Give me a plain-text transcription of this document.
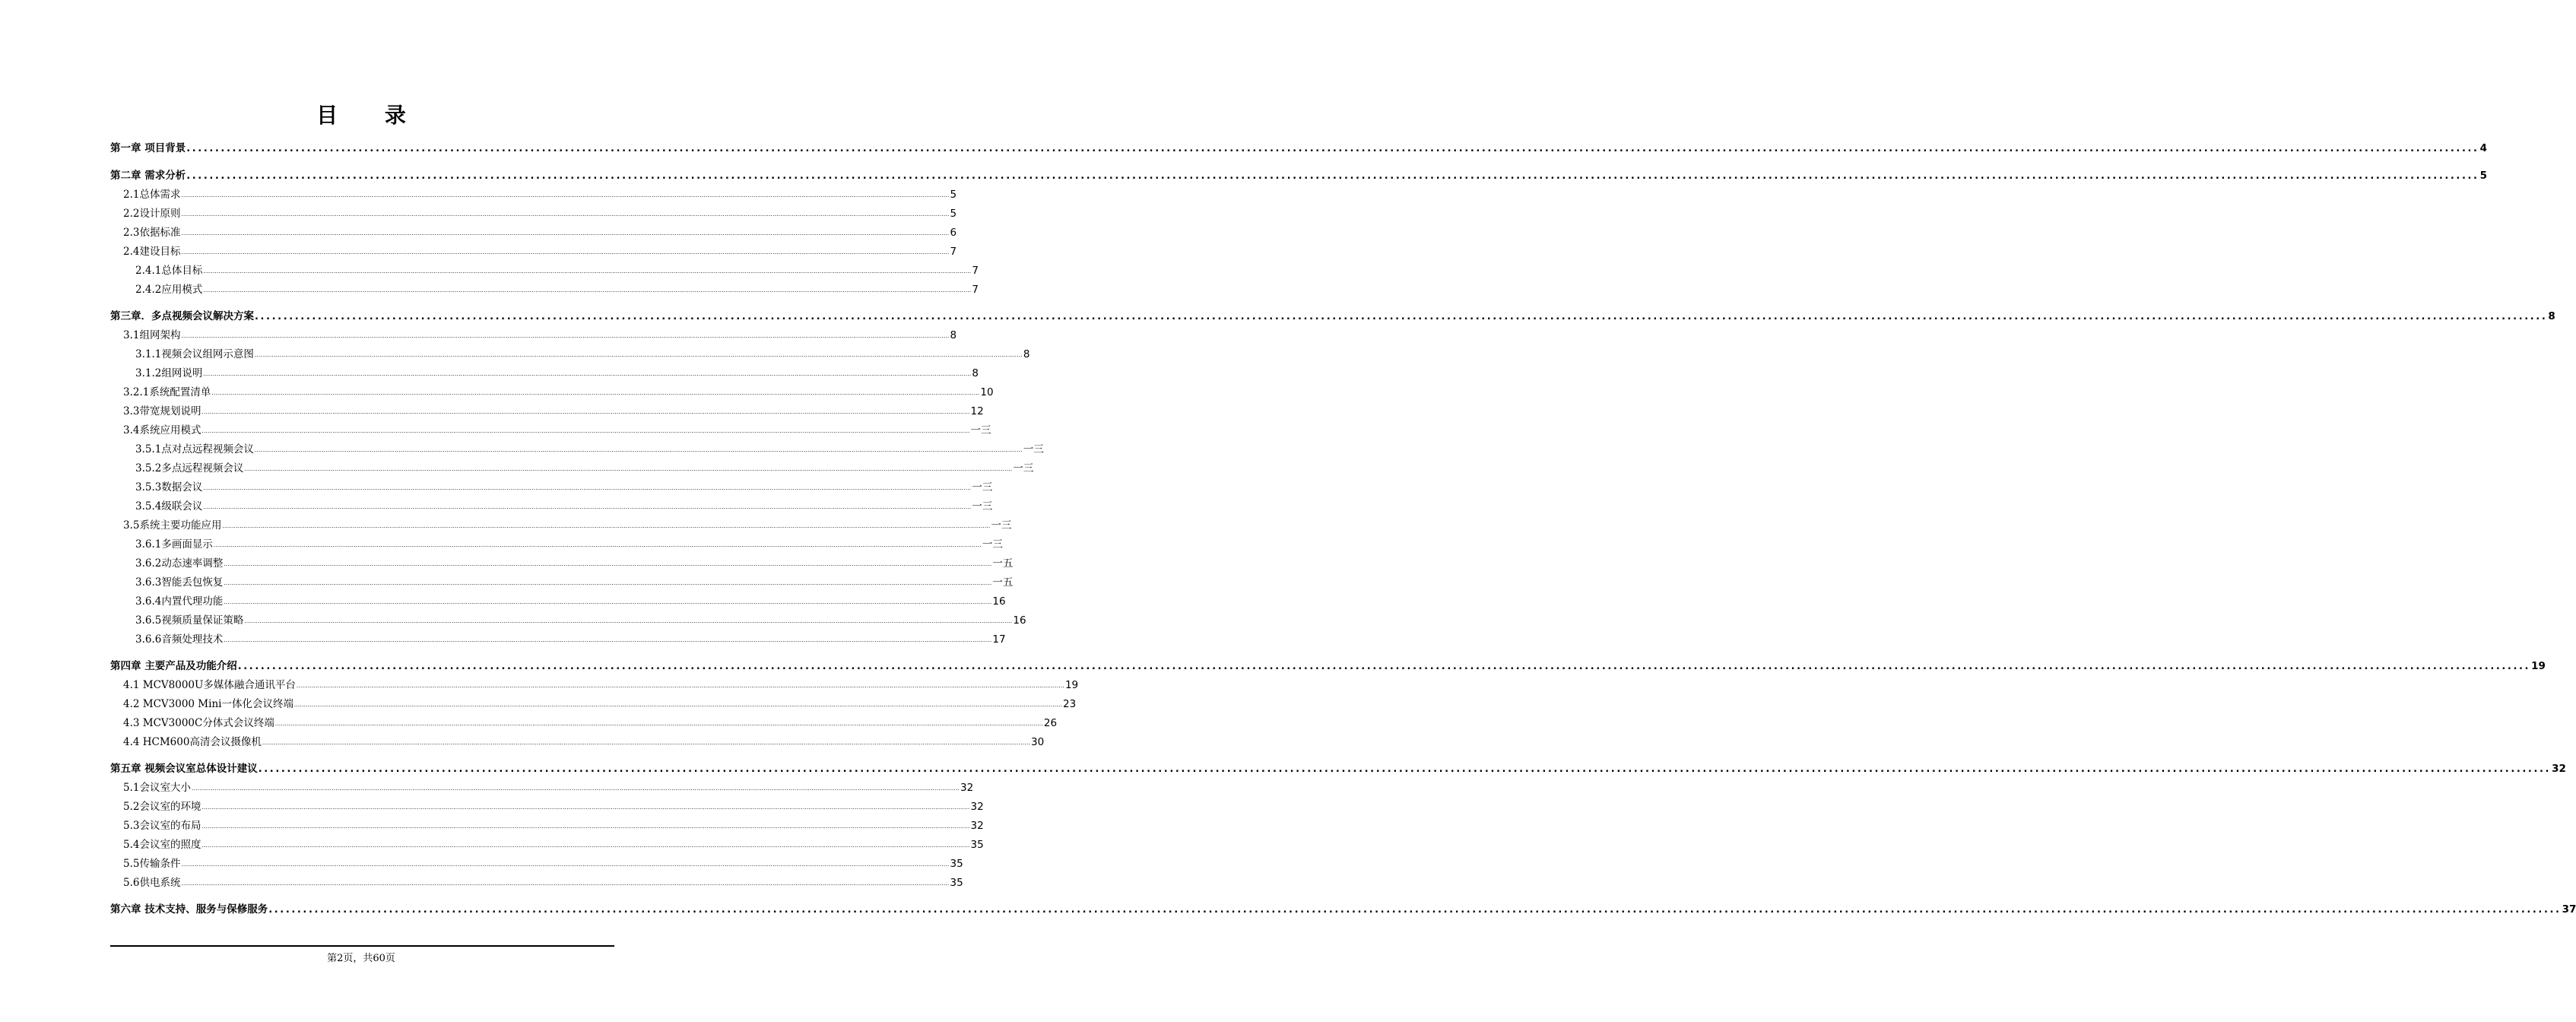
目 录
第一章 项目背景 ................................................................................................................................................................................................................................................................................................................................................................................................................ 4
第二章 需求分析 ................................................................................................................................................................................................................................................................................................................................................................................................................ 5
2.1总体需求 ................................................................................................................................................................................................................................................................................................................................................................................................................ 5
2.2设计原则 ................................................................................................................................................................................................................................................................................................................................................................................................................ 5
2.3依据标准 ................................................................................................................................................................................................................................................................................................................................................................................................................ 6
2.4建设目标 ................................................................................................................................................................................................................................................................................................................................................................................................................ 7
2.4.1总体目标 ................................................................................................................................................................................................................................................................................................................................................................................................................ 7
2.4.2应用模式 ................................................................................................................................................................................................................................................................................................................................................................................................................ 7
第三章．多点视频会议解决方案 ................................................................................................................................................................................................................................................................................................................................................................................................................ 8
3.1组网架构 ................................................................................................................................................................................................................................................................................................................................................................................................................ 8
3.1.1视频会议组网示意图 ................................................................................................................................................................................................................................................................................................................................................................................................................ 8
3.1.2组网说明 ................................................................................................................................................................................................................................................................................................................................................................................................................ 8
3.2.1系统配置清单 ................................................................................................................................................................................................................................................................................................................................................................................................................ 10
3.3带宽规划说明 ................................................................................................................................................................................................................................................................................................................................................................................................................ 12
3.4系统应用模式 ................................................................................................................................................................................................................................................................................................................................................................................................................ 一三
3.5.1点对点远程视频会议 ................................................................................................................................................................................................................................................................................................................................................................................................................ 一三
3.5.2多点远程视频会议 ................................................................................................................................................................................................................................................................................................................................................................................................................ 一三
3.5.3数据会议 ................................................................................................................................................................................................................................................................................................................................................................................................................ 一三
3.5.4级联会议 ................................................................................................................................................................................................................................................................................................................................................................................................................ 一三
3.5系统主要功能应用 ................................................................................................................................................................................................................................................................................................................................................................................................................ 一三
3.6.1多画面显示 ................................................................................................................................................................................................................................................................................................................................................................................................................ 一三
3.6.2动态速率调整 ................................................................................................................................................................................................................................................................................................................................................................................................................ 一五
3.6.3智能丢包恢复 ................................................................................................................................................................................................................................................................................................................................................................................................................ 一五
3.6.4内置代理功能 ................................................................................................................................................................................................................................................................................................................................................................................................................ 16
3.6.5视频质量保证策略 ................................................................................................................................................................................................................................................................................................................................................................................................................ 16
3.6.6音频处理技术 ................................................................................................................................................................................................................................................................................................................................................................................................................ 17
第四章 主要产品及功能介绍 ................................................................................................................................................................................................................................................................................................................................................................................................................ 19
4.1 MCV8000U多媒体融合通讯平台 ................................................................................................................................................................................................................................................................................................................................................................................................................ 19
4.2 MCV3000 Mini一体化会议终端 ................................................................................................................................................................................................................................................................................................................................................................................................................ 23
4.3 MCV3000C分体式会议终端 ................................................................................................................................................................................................................................................................................................................................................................................................................ 26
4.4 HCM600高清会议摄像机 ................................................................................................................................................................................................................................................................................................................................................................................................................ 30
第五章 视频会议室总体设计建议 ................................................................................................................................................................................................................................................................................................................................................................................................................ 32
5.1会议室大小 ................................................................................................................................................................................................................................................................................................................................................................................................................ 32
5.2会议室的环境 ................................................................................................................................................................................................................................................................................................................................................................................................................ 32
5.3会议室的布局 ................................................................................................................................................................................................................................................................................................................................................................................................................ 32
5.4会议室的照度 ................................................................................................................................................................................................................................................................................................................................................................................................................ 35
5.5传输条件 ................................................................................................................................................................................................................................................................................................................................................................................................................ 35
5.6供电系统 ................................................................................................................................................................................................................................................................................................................................................................................................................ 35
第六章 技术支持、服务与保修服务 ................................................................................................................................................................................................................................................................................................................................................................................................................ 37
第2页，共60页
